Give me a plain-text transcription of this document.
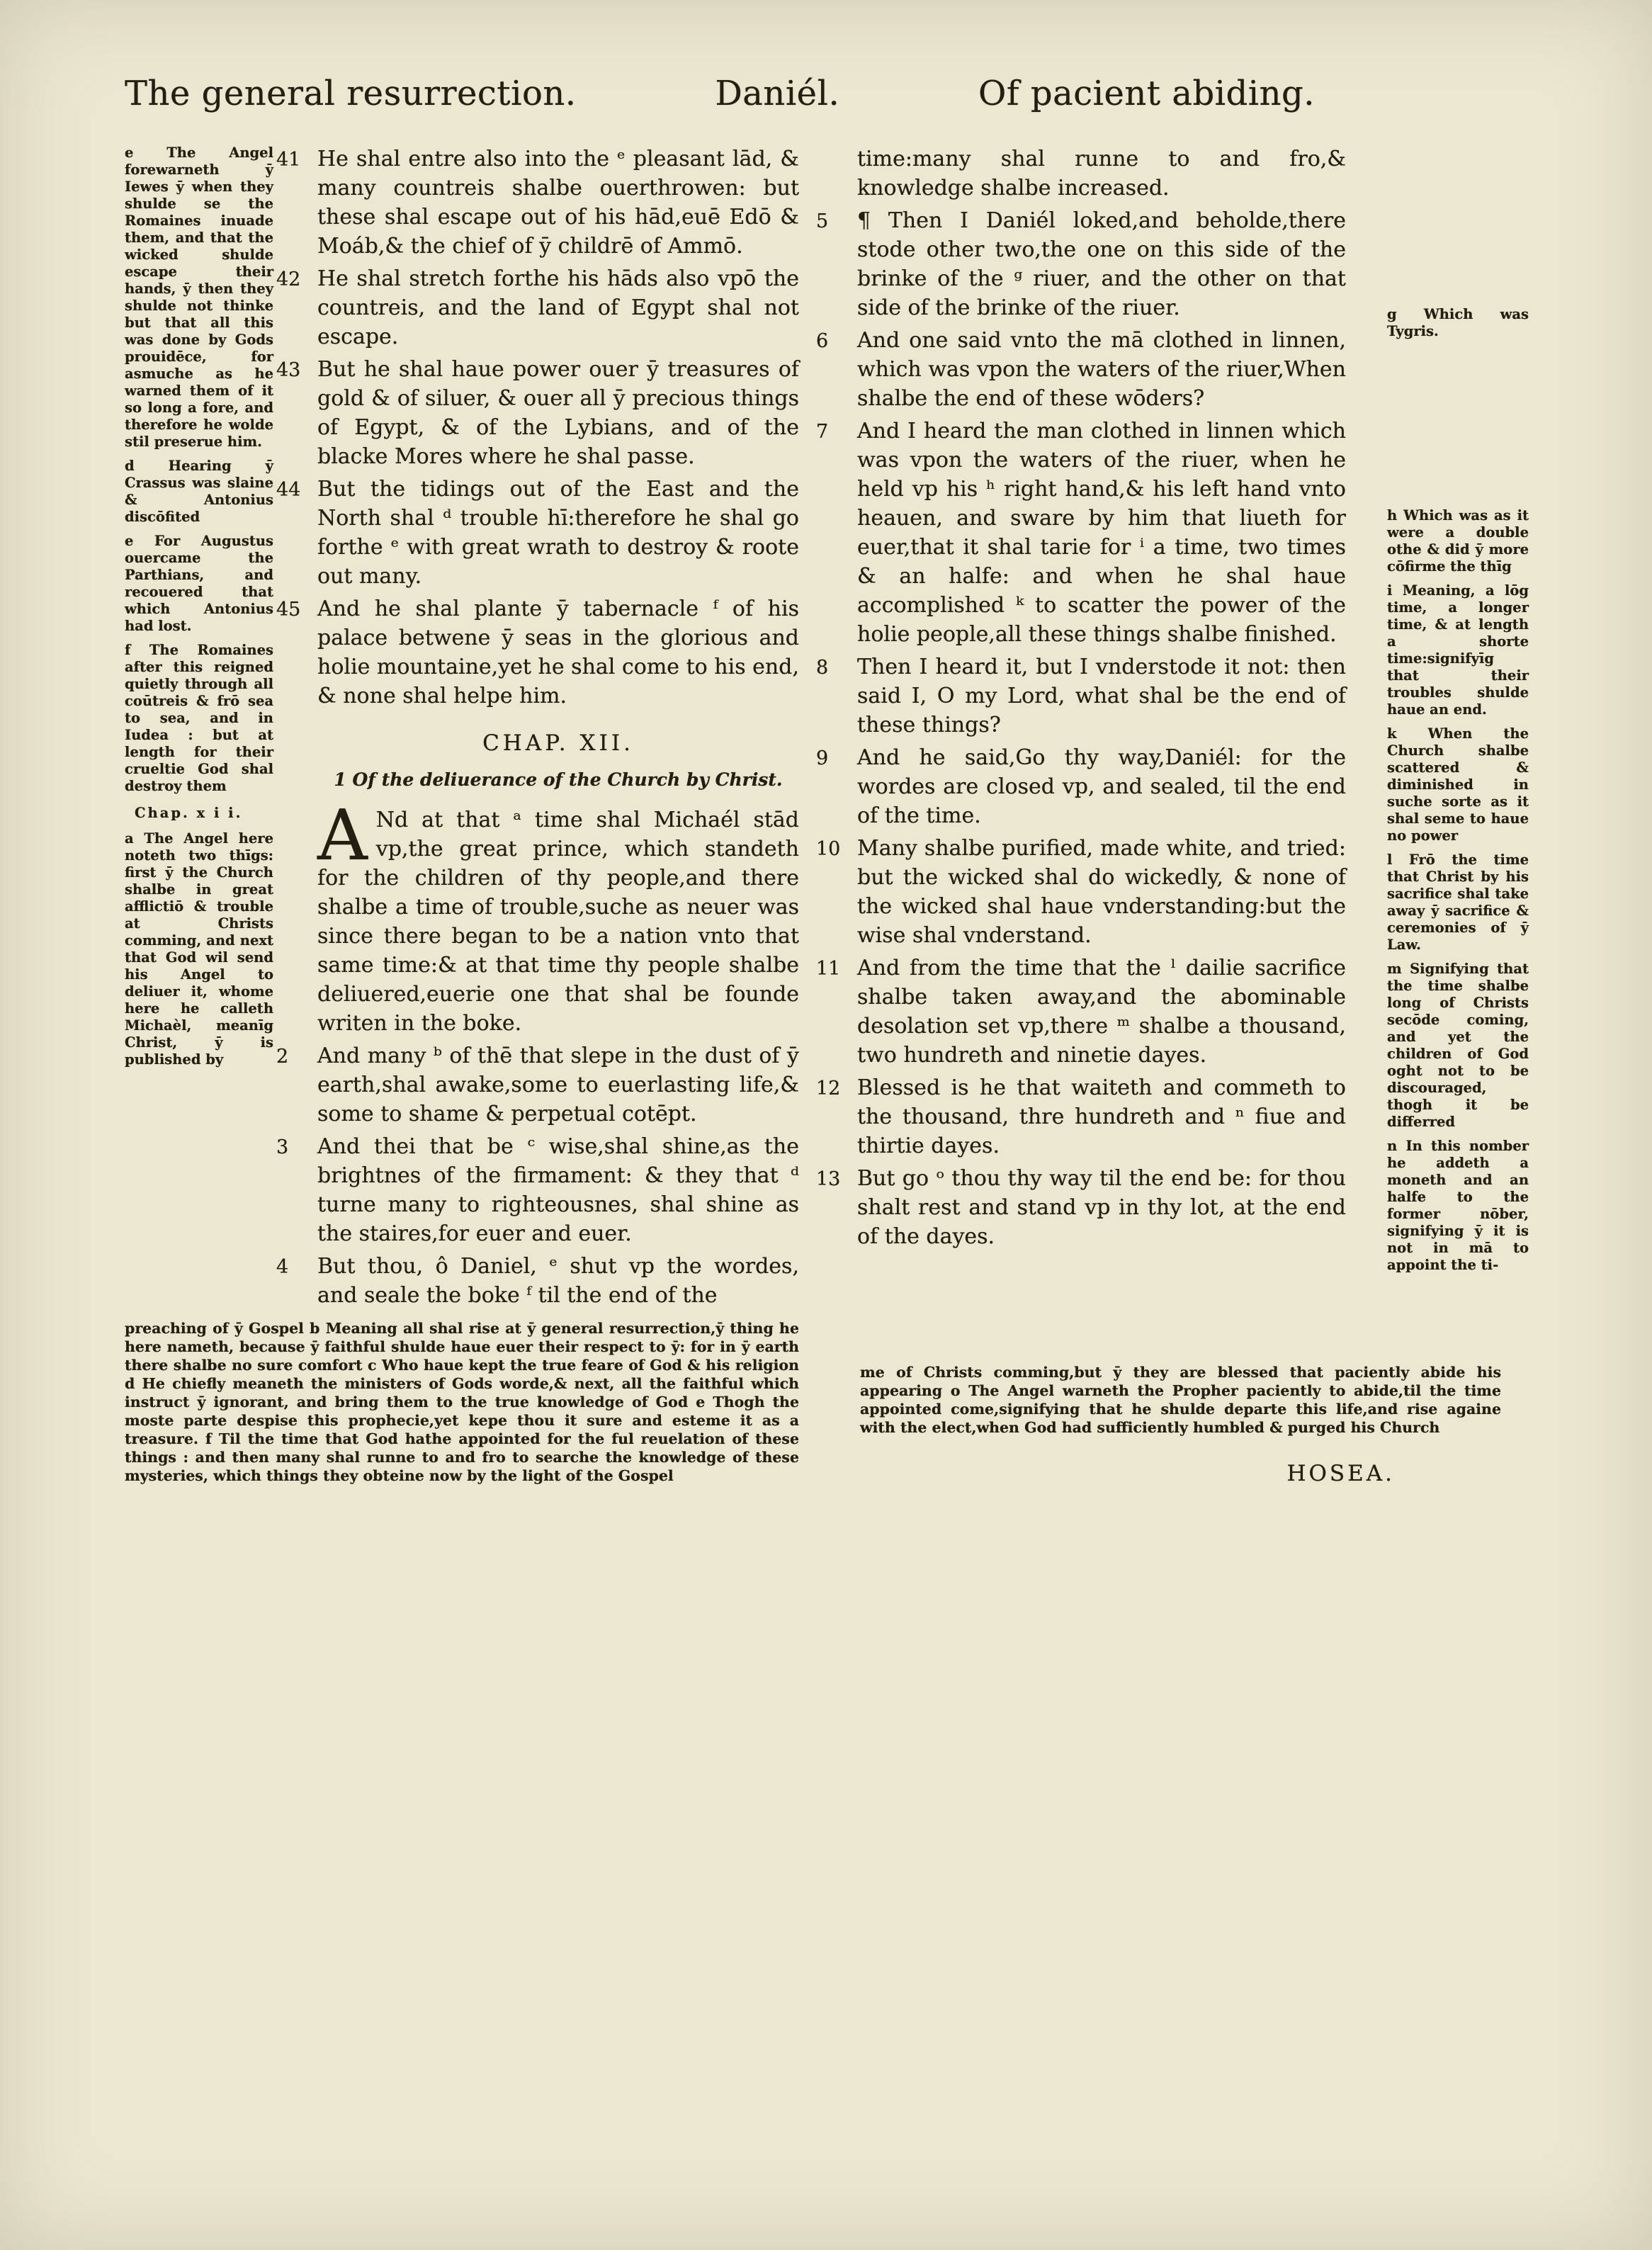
The general resurrection.	Daniél.	Of pacient abiding.

e The Angel forewarneth ȳ Iewes ȳ when they shulde se the Romaines inuade them, and that the wicked shulde escape their hands, ȳ then they shulde not thinke but that all this was done by Gods prouidēce, for asmuche as he warned them of it so long a fore, and therefore he wolde stil preserue him.

d Hearing ȳ Crassus was slaine & Antonius discōfited

e For Augustus ouercame the Parthians, and recouered that which Antonius had lost.

f The Romaines after this reigned quietly through all coūtreis & frō sea to sea, and in Iudea : but at length for their crueltie God shal destroy them

Chap. x i i.

a The Angel here noteth two thīgs: first ȳ the Church shalbe in great afflictiō & trouble at Christs comming, and next that God wil send his Angel to deliuer it, whome here he calleth Michaèl, meanīg Christ, ȳ is published by

41 He shal entre also into the ᵉ pleasant lād, & many countreis shalbe ouerthrowen: but these shal escape out of his hād,euē Edō & Moáb,& the chief of ȳ childrē of Ammō.

42 He shal stretch forthe his hāds also vpō the countreis, and the land of Egypt shal not escape.

43 But he shal haue power ouer ȳ treasures of gold & of siluer, & ouer all ȳ precious things of Egypt, & of the Lybians, and of the blacke Mores where he shal passe.

44 But the tidings out of the East and the North shal ᵈ trouble hī:therefore he shal go forthe ᵉ with great wrath to destroy & roote out many.

45 And he shal plante ȳ tabernacle ᶠ of his palace betwene ȳ seas in the glorious and holie mountaine,yet he shal come to his end, & none shal helpe him.

CHAP. XII.

1 Of the deliuerance of the Church by Christ.

A Nd at that ᵃ time shal Michaél stād vp,the great prince, which standeth for the children of thy people,and there shalbe a time of trouble,suche as neuer was since there began to be a nation vnto that same time:& at that time thy people shalbe deliuered,euerie one that shal be founde writen in the boke.

2 And many ᵇ of thē that slepe in the dust of ȳ earth,shal awake,some to euerlasting life,& some to shame & perpetual cotēpt.

3 And thei that be ᶜ wise,shal shine,as the brightnes of the firmament: & they that ᵈ turne many to righteousnes, shal shine as the staires,for euer and euer.

4 But thou, ô Daniel, ᵉ shut vp the wordes, and seale the boke ᶠ til the end of the

time:many shal runne to and fro,& knowledge shalbe increased.

5 ¶ Then I Daniél loked,and beholde,there stode other two,the one on this side of the brinke of the ᵍ riuer, and the other on that side of the brinke of the riuer.

6 And one said vnto the mā clothed in linnen, which was vpon the waters of the riuer,When shalbe the end of these wōders?

7 And I heard the man clothed in linnen which was vpon the waters of the riuer, when he held vp his ʰ right hand,& his left hand vnto heauen, and sware by him that liueth for euer,that it shal tarie for ⁱ a time, two times & an halfe: and when he shal haue accomplished ᵏ to scatter the power of the holie people,all these things shalbe finished.

8 Then I heard it, but I vnderstode it not: then said I, O my Lord, what shal be the end of these things?

9 And he said,Go thy way,Daniél: for the wordes are closed vp, and sealed, til the end of the time.

10 Many shalbe purified, made white, and tried: but the wicked shal do wickedly, & none of the wicked shal haue vnderstanding:but the wise shal vnderstand.

11 And from the time that the ˡ dailie sacrifice shalbe taken away,and the abominable desolation set vp,there ᵐ shalbe a thousand, two hundreth and ninetie dayes.

12 Blessed is he that waiteth and commeth to the thousand, thre hundreth and ⁿ fiue and thirtie dayes.

13 But go ᵒ thou thy way til the end be: for thou shalt rest and stand vp in thy lot, at the end of the dayes.

g Which was Tygris.

h Which was as it were a double othe & did ȳ more cōfirme the thīg

i Meaning, a lōg time, a longer time, & at length a shorte time:signifyīg that their troubles shulde haue an end.

k When the Church shalbe scattered & diminished in suche sorte as it shal seme to haue no power

l Frō the time that Christ by his sacrifice shal take away ȳ sacrifice & ceremonies of ȳ Law.

m Signifying that the time shalbe long of Christs secōde coming, and yet the children of God oght not to be discouraged, thogh it be differred

n In this nomber he addeth a moneth and an halfe to the former nōber, signifying ȳ it is not in mā to appoint the ti-

preaching of ȳ Gospel b Meaning all shal rise at ȳ general resurrection,ȳ thing he here nameth, because ȳ faithful shulde haue euer their respect to ȳ: for in ȳ earth there shalbe no sure comfort c Who haue kept the true feare of God & his religion d He chiefly meaneth the ministers of Gods worde,& next, all the faithful which instruct ȳ ignorant, and bring them to the true knowledge of God e Thogh the moste parte despise this prophecie,yet kepe thou it sure and esteme it as a treasure. f Til the time that God hathe appointed for the ful reuelation of these things : and then many shal runne to and fro to searche the knowledge of these mysteries, which things they obteine now by the light of the Gospel

me of Christs comming,but ȳ they are blessed that paciently abide his appearing o The Angel warneth the Propher paciently to abide,til the time appointed come,signifying that he shulde departe this life,and rise againe with the elect,when God had sufficiently humbled & purged his Church

HOSEA.
